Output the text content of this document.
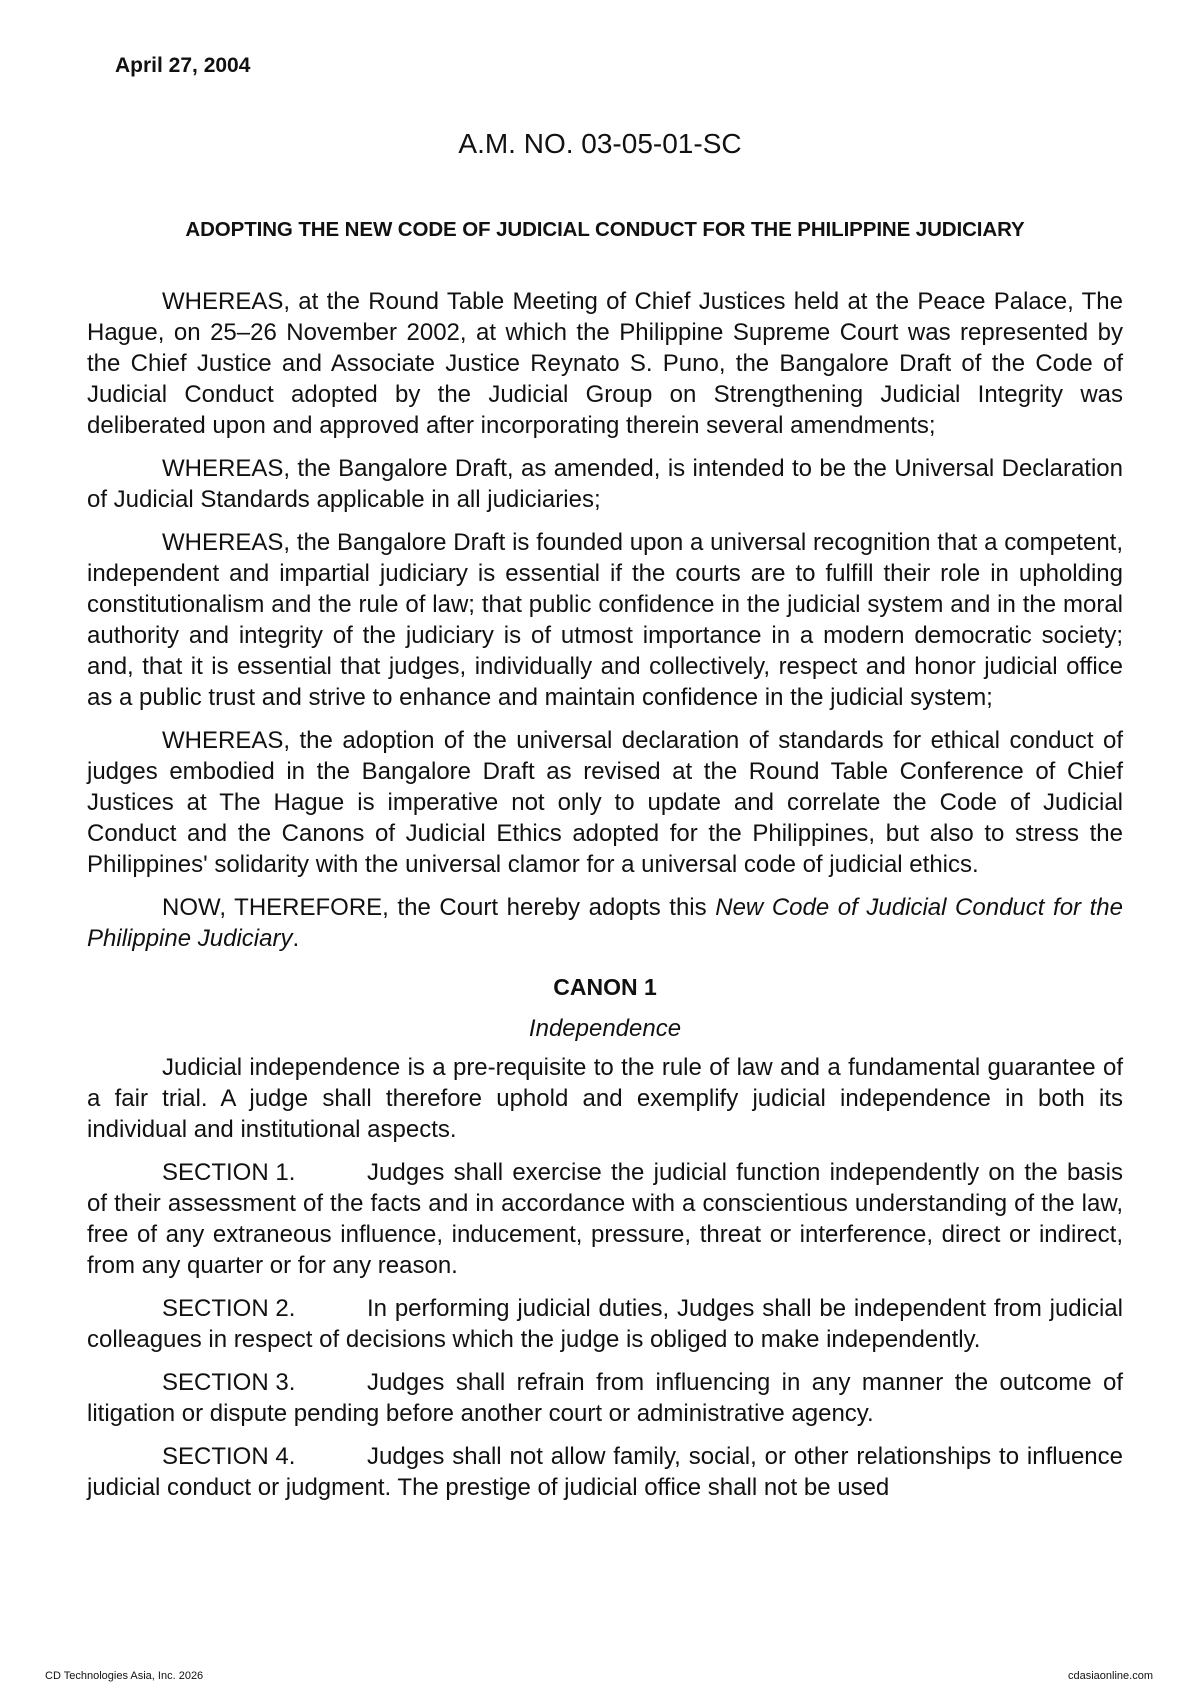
April 27, 2004
A.M. NO. 03-05-01-SC
ADOPTING THE NEW CODE OF JUDICIAL CONDUCT FOR THE PHILIPPINE JUDICIARY

WHEREAS, at the Round Table Meeting of Chief Justices held at the Peace Palace, The Hague, on 25–26 November 2002, at which the Philippine Supreme Court was represented by the Chief Justice and Associate Justice Reynato S. Puno, the Bangalore Draft of the Code of Judicial Conduct adopted by the Judicial Group on Strengthening Judicial Integrity was deliberated upon and approved after incorporating therein several amendments;

WHEREAS, the Bangalore Draft, as amended, is intended to be the Universal Declaration of Judicial Standards applicable in all judiciaries;

WHEREAS, the Bangalore Draft is founded upon a universal recognition that a competent, independent and impartial judiciary is essential if the courts are to fulfill their role in upholding constitutionalism and the rule of law; that public confidence in the judicial system and in the moral authority and integrity of the judiciary is of utmost importance in a modern democratic society; and, that it is essential that judges, individually and collectively, respect and honor judicial office as a public trust and strive to enhance and maintain confidence in the judicial system;

WHEREAS, the adoption of the universal declaration of standards for ethical conduct of judges embodied in the Bangalore Draft as revised at the Round Table Conference of Chief Justices at The Hague is imperative not only to update and correlate the Code of Judicial Conduct and the Canons of Judicial Ethics adopted for the Philippines, but also to stress the Philippines' solidarity with the universal clamor for a universal code of judicial ethics.

NOW, THEREFORE, the Court hereby adopts this New Code of Judicial Conduct for the Philippine Judiciary.

CANON 1

Independence

Judicial independence is a pre-requisite to the rule of law and a fundamental guarantee of a fair trial. A judge shall therefore uphold and exemplify judicial independence in both its individual and institutional aspects.

SECTION 1.	Judges shall exercise the judicial function independently on the basis of their assessment of the facts and in accordance with a conscientious understanding of the law, free of any extraneous influence, inducement, pressure, threat or interference, direct or indirect, from any quarter or for any reason.

SECTION 2.	In performing judicial duties, Judges shall be independent from judicial colleagues in respect of decisions which the judge is obliged to make independently.

SECTION 3.	Judges shall refrain from influencing in any manner the outcome of litigation or dispute pending before another court or administrative agency.

SECTION 4.	Judges shall not allow family, social, or other relationships to influence judicial conduct or judgment. The prestige of judicial office shall not be used

CD Technologies Asia, Inc. 2026	cdasiaonline.com
